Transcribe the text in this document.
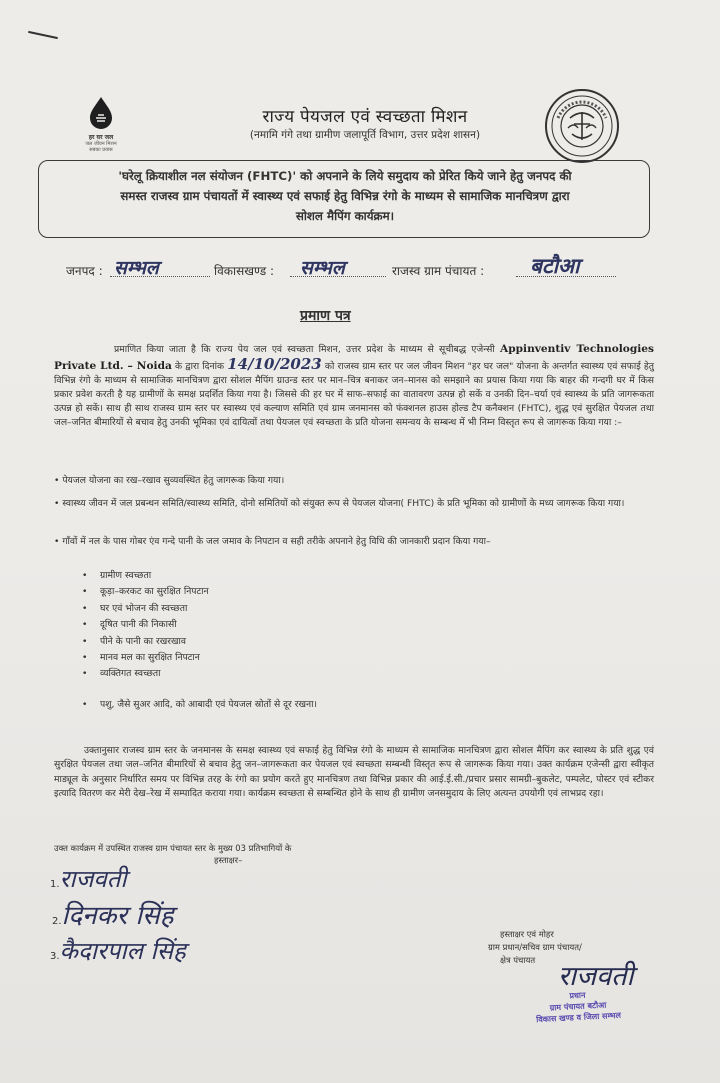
हर घर जल
जल जीवन मिशन
सबका प्रयास
राज्य पेयजल एवं स्वच्छता मिशन
(नमामि गंगे तथा ग्रामीण जलापूर्ति विभाग, उत्तर प्रदेश शासन)
'घरेलू क्रियाशील नल संयोजन (FHTC)' को अपनाने के लिये समुदाय को प्रेरित किये जाने हेतु जनपद की
समस्त राजस्व ग्राम पंचायतों में स्वास्थ्य एवं सफाई हेतु विभिन्न रंगो के माध्यम से सामाजिक मानचित्रण द्वारा
सोशल मैपिंग कार्यक्रम।
जनपद : सम्भल	विकासखण्ड : सम्भल	राजस्व ग्राम पंचायत : बटौआ
प्रमाण पत्र
प्रमाणित किया जाता है कि राज्य पेय जल एवं स्वच्छता मिशन, उत्तर प्रदेश के माध्यम से सूचीबद्ध एजेन्सी Appinventiv Technologies Private Ltd. – Noida के द्वारा दिनांक 14/10/2023 को राजस्व ग्राम स्तर पर जल जीवन मिशन "हर घर जल" योजना के अन्तर्गत स्वास्थ्य एवं सफाई हेतु विभिन्न रंगो के माध्यम से सामाजिक मानचित्रण द्वारा सोशल मैपिंग ग्राउन्ड स्तर पर मान–चित्र बनाकर जन–मानस को समझाने का प्रयास किया गया कि बाहर की गन्दगी घर में किस प्रकार प्रवेश करती है यह ग्रामीणों के समक्ष प्रदर्शित किया गया है। जिससे की हर घर में साफ–सफाई का वातावरण उत्पन्न हो सकें व उनकी दिन–चर्या एवं स्वास्थ्य के प्रति जागरूकता उत्पन्न हो सकें। साथ ही साथ राजस्व ग्राम स्तर पर स्वास्थ्य एवं कल्याण समिति एवं ग्राम जनमानस को फंक्शनल हाउस होल्ड टैप कनैक्शन (FHTC), शुद्ध एवं सुरक्षित पेयजल तथा जल–जनित बीमारियों से बचाव हेतु उनकी भूमिका एवं दायित्वों तथा पेयजल एवं स्वच्छता के प्रति योजना समन्वय के सम्बन्ध में भी निम्न विस्तृत रूप से जागरूक किया गया :–
• पेयजल योजना का रख–रखाव सुव्यवस्थित हेतु जागरूक किया गया।
• स्वास्थ्य जीवन में जल प्रबन्धन समिति/स्वास्थ्य समिति, दोनो समितियों को संयुक्त रूप से पेयजल योजना( FHTC) के प्रति भूमिका को ग्रामीणों के मध्य जागरूक किया गया।
• गाँवों में नल के पास गोबर एंव गन्दे पानी के जल जमाव के निपटान व सही तरीके अपनाने हेतु विधि की जानकारी प्रदान किया गया–
• ग्रामीण स्वच्छता
• कूड़ा–करकट का सुरक्षित निपटान
• घर एवं भोजन की स्वच्छता
• दूषित पानी की निकासी
• पीने के पानी का रखरखाव
• मानव मल का सुरक्षित निपटान
• व्यक्तिगत स्वच्छता
• पशु, जैसे सुअर आदि, को आबादी एवं पेयजल स्रोतों से दूर रखना।
उक्तानुसार राजस्व ग्राम स्तर के जनमानस के समक्ष स्वास्थ्य एवं सफाई हेतु विभिन्न रंगो के माध्यम से सामाजिक मानचित्रण द्वारा सोशल मैपिंग कर स्वास्थ्य के प्रति शुद्ध एवं सुरक्षित पेयजल तथा जल–जनित बीमारियों से बचाव हेतु जन–जागरूकता कर पेयजल एवं स्वच्छता सम्बन्धी विस्तृत रूप से जागरूक किया गया। उक्त कार्यक्रम एजेन्सी द्वारा स्वीकृत माड्यूल के अनुसार निर्धारित समय पर विभिन्न तरह के रंगो का प्रयोग करते हुए मानचित्रण तथा विभिन्न प्रकार की आई.ई.सी./प्रचार प्रसार सामग्री–बुकलेट, पम्पलेट, पोस्टर एवं स्टीकर इत्यादि वितरण कर मेरी देख–रेख में सम्पादित कराया गया। कार्यक्रम स्वच्छता से सम्बन्धित होने के साथ ही ग्रामीण जनसमुदाय के लिए अत्यन्त उपयोगी एवं लाभप्रद रहा।
उक्त कार्यक्रम में उपस्थित राजस्व ग्राम पंचायत स्तर के मुख्य 03 प्रतिभागियों के
हस्ताक्षर–
1.राजवती
2.दिनकर सिंह
3.कैदारपाल सिंह
हस्ताक्षर एवं मोहर
ग्राम प्रधान/सचिव ग्राम पंचायत/
क्षेत्र पंचायत
राजवती
प्रधान
ग्राम पंचायत बटौआ
विकास खण्ड व जिला सम्भल
